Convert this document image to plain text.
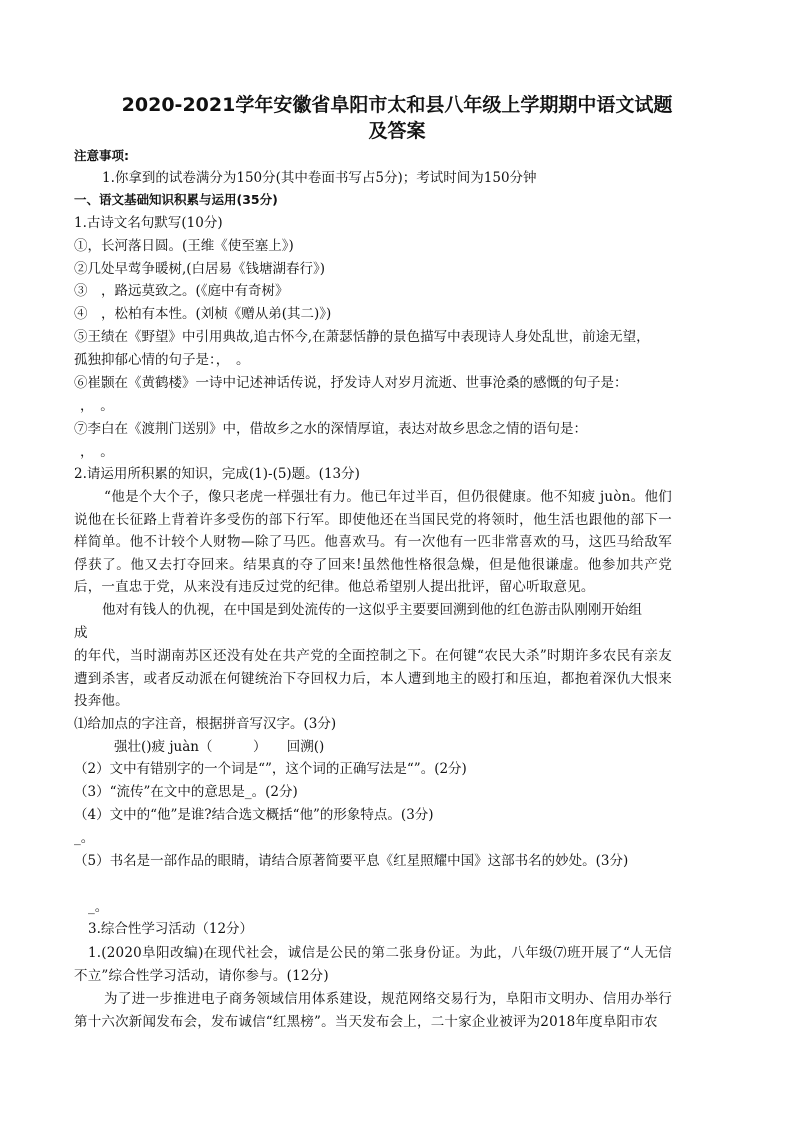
2020-2021学年安徽省阜阳市太和县八年级上学期期中语文试题
及答案
注意事项:
1.你拿到的试卷满分为150分(其中卷面书写占5分)；考试时间为150分钟
一、语文基础知识积累与运用(35分)
1.古诗文名句默写(10分)
①，长河落日圆。(王维《使至塞上》)
②几处早莺争暖树,(白居易《钱塘湖春行》)
③　，路远莫致之。(《庭中有奇树》
④　，松柏有本性。(刘桢《赠从弟(其二)》)
⑤王绩在《野望》中引用典故,追古怀今,在萧瑟恬静的景色描写中表现诗人身处乱世，前途无望，
孤独抑郁心情的句子是：，　。
⑥崔颢在《黄鹤楼》一诗中记述神话传说，抒发诗人对岁月流逝、世事沧桑的感慨的句子是：
，　。
⑦李白在《渡荆门送别》中，借故乡之水的深情厚谊，表达对故乡思念之情的语句是：
，　。
2.请运用所积累的知识，完成(1)-(5)题。(13分)
“他是个大个子，像只老虎一样强壮有力。他已年过半百，但仍很健康。他不知疲 juòn。他们说他在长征路上背着许多受伤的部下行军。即使他还在当国民党的将领时，他生活也跟他的部下一样简单。他不计较个人财物—除了马匹。他喜欢马。有一次他有一匹非常喜欢的马，这匹马给敌军俘获了。他又去打夺回来。结果真的夺了回来!虽然他性格很急燥，但是他很谦虚。他参加共产党后，一直忠于党，从来没有违反过党的纪律。他总希望别人提出批评，留心听取意见。
他对有钱人的仇视，在中国是到处流传的一这似乎主要要回溯到他的红色游击队刚刚开始组
成
的年代，当时湖南苏区还没有处在共产党的全面控制之下。在何键“农民大杀”时期许多农民有亲友遭到杀害，或者反动派在何键统治下夺回权力后，本人遭到地主的殴打和压迫，都抱着深仇大恨来投奔他。
⑴给加点的字注音，根据拼音写汉字。(3分)
强壮()疲 juàn（　　　）　　回溯()
（2）文中有错别字的一个词是“”，这个词的正确写法是“”。(2分)
（3）“流传”在文中的意思是_。(2分)
（4）文中的“他”是谁?结合选文概括“他”的形象特点。(3分)
_。
（5）书名是一部作品的眼睛，请结合原著简要平息《红星照耀中国》这部书名的妙处。(3分)
_。
3.综合性学习活动（12分）
1.(2020阜阳改编)在现代社会，诚信是公民的第二张身份证。为此，八年级⑺班开展了“人无信不立”综合性学习活动，请你参与。(12分)
为了进一步推进电子商务领域信用体系建设，规范网络交易行为，阜阳市文明办、信用办举行第十六次新闻发布会，发布诚信“红黑榜”。当天发布会上，二十家企业被评为2018年度阜阳市农
